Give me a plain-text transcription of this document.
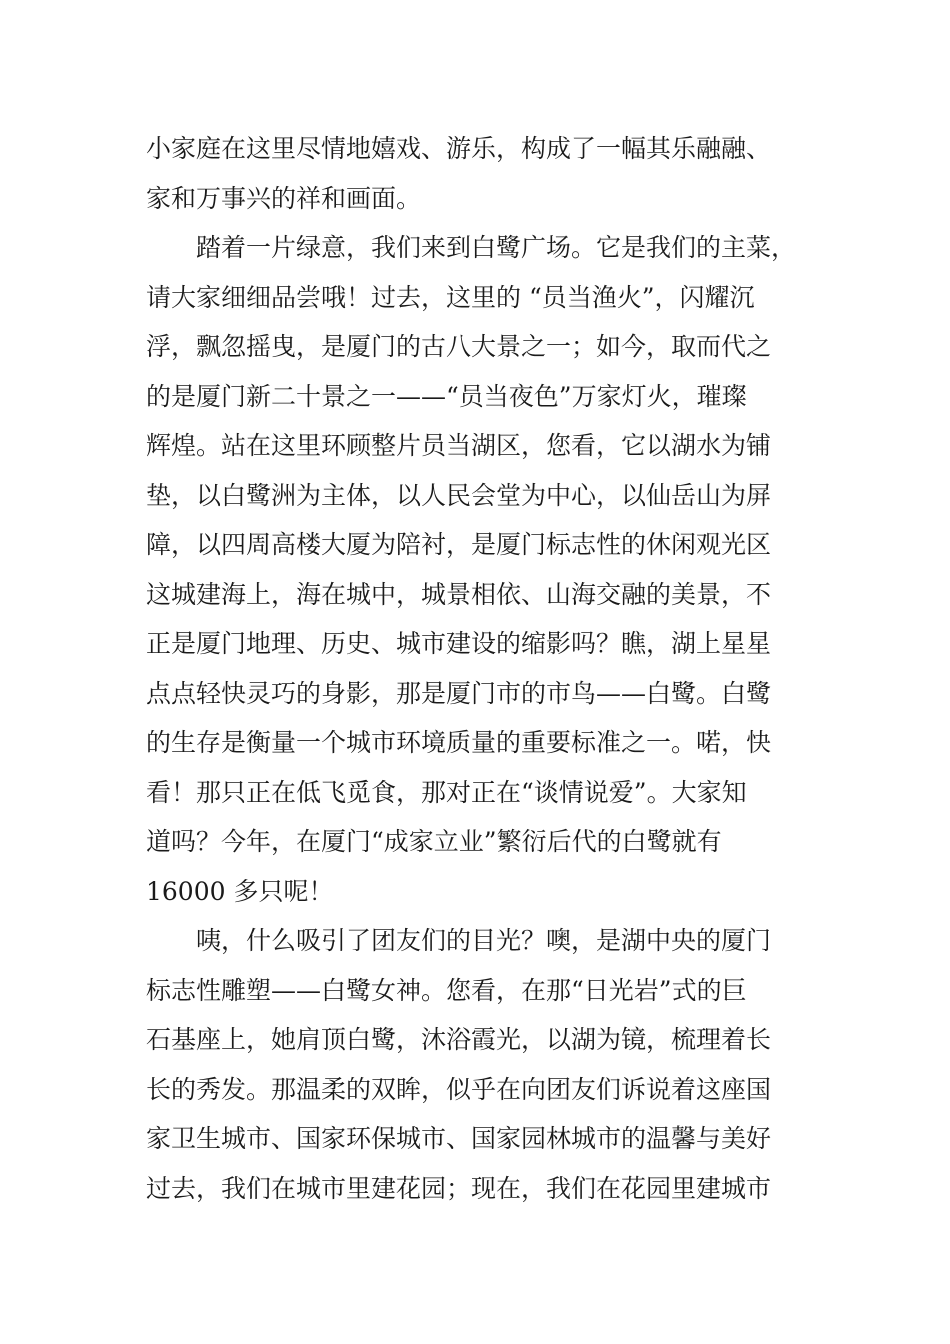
小家庭在这里尽情地嬉戏、游乐，构成了一幅其乐融融、
家和万事兴的祥和画面。
踏着一片绿意，我们来到白鹭广场。它是我们的主菜，
请大家细细品尝哦！过去，这里的 “员当渔火”，闪耀沉
浮，飘忽摇曳，是厦门的古八大景之一；如今，取而代之
的是厦门新二十景之一——“员当夜色”万家灯火，璀璨
辉煌。站在这里环顾整片员当湖区，您看，它以湖水为铺
垫，以白鹭洲为主体，以人民会堂为中心，以仙岳山为屏
障，以四周高楼大厦为陪衬，是厦门标志性的休闲观光区
这城建海上，海在城中，城景相依、山海交融的美景，不
正是厦门地理、历史、城市建设的缩影吗？瞧，湖上星星
点点轻快灵巧的身影，那是厦门市的市鸟——白鹭。白鹭
的生存是衡量一个城市环境质量的重要标准之一。喏，快
看！那只正在低飞觅食，那对正在“谈情说爱”。大家知
道吗？今年，在厦门“成家立业”繁衍后代的白鹭就有
16000 多只呢！
咦，什么吸引了团友们的目光？噢，是湖中央的厦门
标志性雕塑——白鹭女神。您看，在那“日光岩”式的巨
石基座上，她肩顶白鹭，沐浴霞光，以湖为镜，梳理着长
长的秀发。那温柔的双眸，似乎在向团友们诉说着这座国
家卫生城市、国家环保城市、国家园林城市的温馨与美好
过去，我们在城市里建花园；现在，我们在花园里建城市
